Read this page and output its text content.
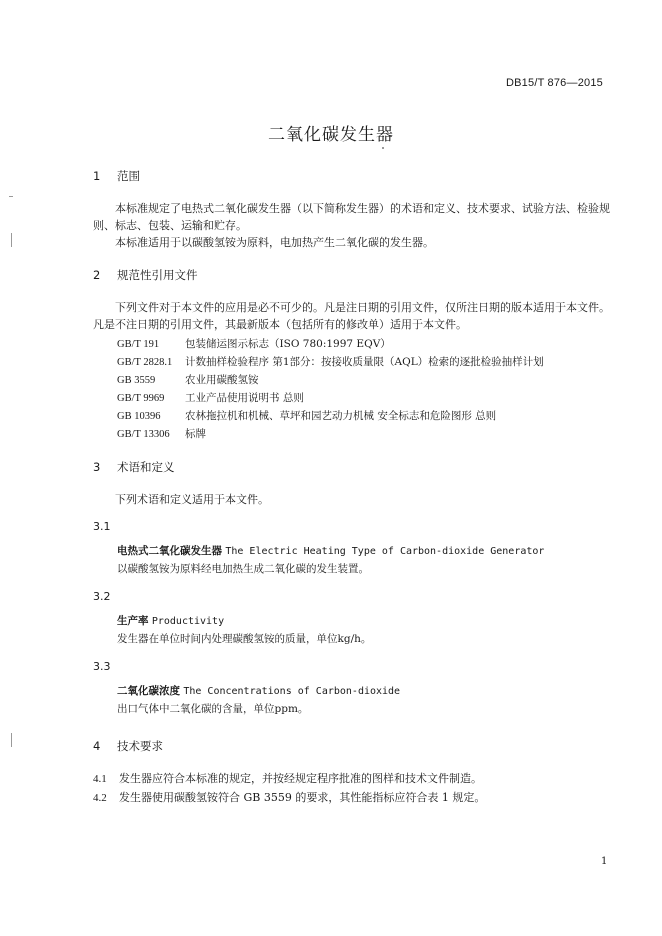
DB15/T 876—2015
二氧化碳发生器
1 范围
本标准规定了电热式二氧化碳发生器（以下简称发生器）的术语和定义、技术要求、试验方法、检验规则、标志、包装、运输和贮存。
本标准适用于以碳酸氢铵为原料，电加热产生二氧化碳的发生器。
2 规范性引用文件
下列文件对于本文件的应用是必不可少的。凡是注日期的引用文件，仅所注日期的版本适用于本文件。凡是不注日期的引用文件，其最新版本（包括所有的修改单）适用于本文件。
GB/T 191 包装储运图示标志（ISO 780:1997 EQV）
GB/T 2828.1 计数抽样检验程序 第1部分：按接收质量限（AQL）检索的逐批检验抽样计划
GB 3559	农业用碳酸氢铵
GB/T 9969 工业产品使用说明书 总则
GB 10396 农林拖拉机和机械、草坪和园艺动力机械 安全标志和危险图形 总则
GB/T 13306 标牌
3 术语和定义
下列术语和定义适用于本文件。
3.1
电热式二氧化碳发生器 The Electric Heating Type of Carbon-dioxide Generator
以碳酸氢铵为原料经电加热生成二氧化碳的发生装置。
3.2
生产率 Productivity
发生器在单位时间内处理碳酸氢铵的质量，单位kg/h。
3.3
二氧化碳浓度 The Concentrations of Carbon-dioxide
出口气体中二氧化碳的含量，单位ppm。
4 技术要求
4.1 发生器应符合本标准的规定，并按经规定程序批准的图样和技术文件制造。
4.2 发生器使用碳酸氢铵符合 GB 3559 的要求，其性能指标应符合表 1 规定。
1
